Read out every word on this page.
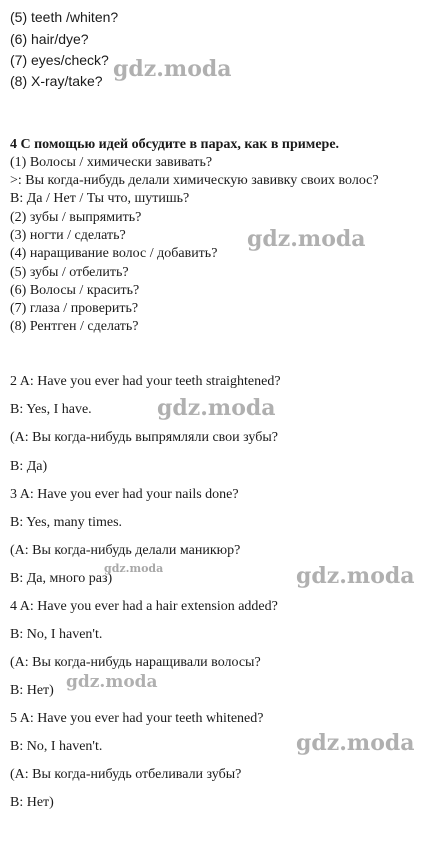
(5) teeth /whiten?
(6) hair/dye?
(7) eyes/check?
(8) X-ray/take?
4 С помощью идей обсудите в парах, как в примере.
(1) Волосы / химически завивать?
>: Вы когда-нибудь делали химическую завивку своих волос?
В: Да / Нет / Ты что, шутишь?
(2) зубы / выпрямить?
(3) ногти / сделать?
(4) наращивание волос / добавить?
(5) зубы / отбелить?
(6) Волосы / красить?
(7) глаза / проверить?
(8) Рентген / сделать?
2 A: Have you ever had your teeth straightened?
B: Yes, I have.
(A: Вы когда-нибудь выпрямляли свои зубы?
B: Да)
3 A: Have you ever had your nails done?
B: Yes, many times.
(A: Вы когда-нибудь делали маникюр?
B: Да, много раз)
4 A: Have you ever had a hair extension added?
B: No, I haven't.
(A: Вы когда-нибудь наращивали волосы?
B: Нет)
5 A: Have you ever had your teeth whitened?
B: No, I haven't.
(A: Вы когда-нибудь отбеливали зубы?
B: Нет)
gdz.moda
gdz.moda
gdz.moda
gdz.moda	gdz.moda
gdz.moda
gdz.moda
